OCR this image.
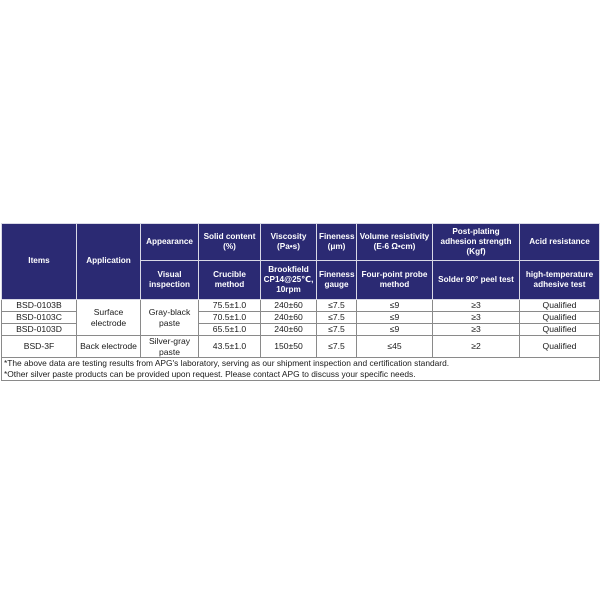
Items	Application	Appearance	Solid content (%)	Viscosity (Pa•s)	Fineness (μm)	Volume resistivity (E-6 Ω•cm)	Post-plating adhesion strength (Kgf)	Acid resistance
		Visual inspection	Crucible method	Brookfield CP14@25℃, 10rpm	Fineness gauge	Four-point probe method	Solder 90° peel test	high-temperature adhesive test
BSD-0103B	Surface electrode	Gray-black paste	75.5±1.0	240±60	≤7.5	≤9	≥3	Qualified
BSD-0103C			70.5±1.0	240±60	≤7.5	≤9	≥3	Qualified
BSD-0103D			65.5±1.0	240±60	≤7.5	≤9	≥3	Qualified
BSD-3F	Back electrode	Silver-gray paste	43.5±1.0	150±50	≤7.5	≤45	≥2	Qualified
*The above data are testing results from APG's laboratory, serving as our shipment inspection and certification standard.								
*Other silver paste products can be provided upon request. Please contact APG to discuss your specific needs.								
